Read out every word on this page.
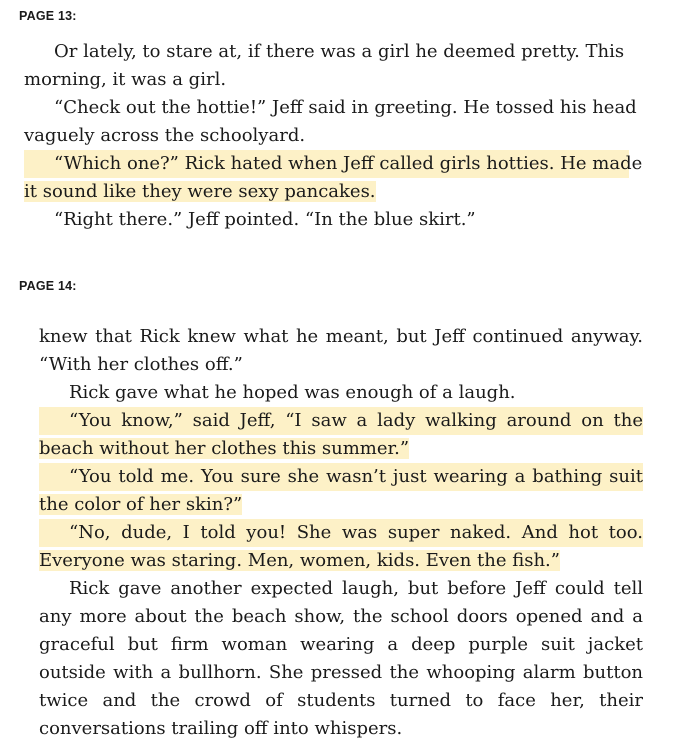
PAGE 13:
Or lately, to stare at, if there was a girl he deemed pretty. This
morning, it was a girl.
“Check out the hottie!” Jeff said in greeting. He tossed his head
vaguely across the schoolyard.
“Which one?” Rick hated when Jeff called girls hotties. He made
it sound like they were sexy pancakes.
“Right there.” Jeff pointed. “In the blue skirt.”
PAGE 14:
knew that Rick knew what he meant, but Jeff continued anyway.
“With her clothes off.”
Rick gave what he hoped was enough of a laugh.
“You know,” said Jeff, “I saw a lady walking around on the
beach without her clothes this summer.”
“You told me. You sure she wasn’t just wearing a bathing suit
the color of her skin?”
“No, dude, I told you! She was super naked. And hot too.
Everyone was staring. Men, women, kids. Even the fish.”
Rick gave another expected laugh, but before Jeff could tell
any more about the beach show, the school doors opened and a
graceful but firm woman wearing a deep purple suit jacket
outside with a bullhorn. She pressed the whooping alarm button
twice and the crowd of students turned to face her, their
conversations trailing off into whispers.
